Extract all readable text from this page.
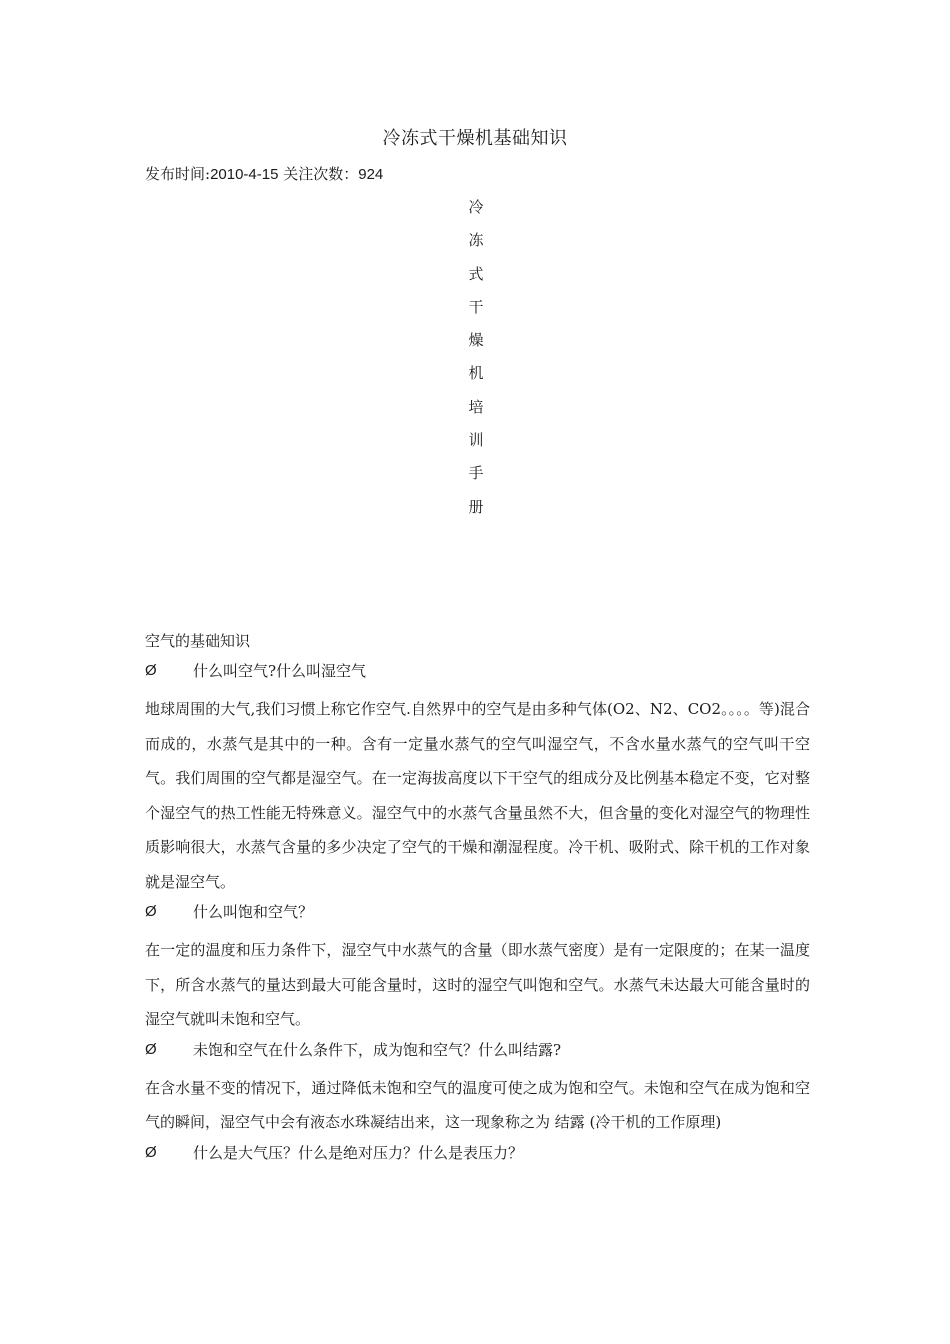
冷冻式干燥机基础知识
发布时间:2010-4-15 关注次数：924
冷
冻
式
干
燥
机
培
训
手
册
空气的基础知识
Ø	什么叫空气?什么叫湿空气

地球周围的大气,我们习惯上称它作空气.自然界中的空气是由多种气体(O2、N2、CO2。。。。等)混合而成的，水蒸气是其中的一种。含有一定量水蒸气的空气叫湿空气，不含水量水蒸气的空气叫干空气。我们周围的空气都是湿空气。在一定海拔高度以下干空气的组成分及比例基本稳定不变，它对整个湿空气的热工性能无特殊意义。湿空气中的水蒸气含量虽然不大，但含量的变化对湿空气的物理性质影响很大，水蒸气含量的多少决定了空气的干燥和潮湿程度。冷干机、吸附式、除干机的工作对象就是湿空气。

Ø	什么叫饱和空气？

在一定的温度和压力条件下，湿空气中水蒸气的含量（即水蒸气密度）是有一定限度的；在某一温度下，所含水蒸气的量达到最大可能含量时，这时的湿空气叫饱和空气。水蒸气未达最大可能含量时的湿空气就叫未饱和空气。

Ø	未饱和空气在什么条件下，成为饱和空气？什么叫结露?

在含水量不变的情况下，通过降低未饱和空气的温度可使之成为饱和空气。未饱和空气在成为饱和空气的瞬间，湿空气中会有液态水珠凝结出来，这一现象称之为 结露 (冷干机的工作原理)

Ø	什么是大气压？什么是绝对压力？什么是表压力？
